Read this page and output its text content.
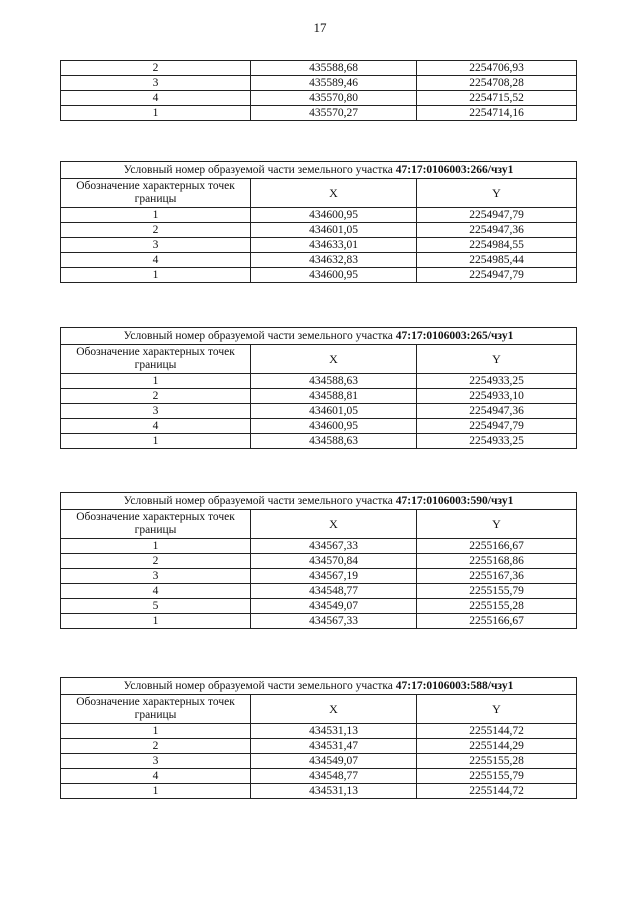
17
2	435588,68	2254706,93
3	435589,46	2254708,28
4	435570,80	2254715,52
1	435570,27	2254714,16
Условный номер образуемой части земельного участка 47:17:0106003:266/чзу1		
Обозначение характерных точек границы	X	Y
1	434600,95	2254947,79
2	434601,05	2254947,36
3	434633,01	2254984,55
4	434632,83	2254985,44
1	434600,95	2254947,79
Условный номер образуемой части земельного участка 47:17:0106003:265/чзу1		
Обозначение характерных точек границы	X	Y
1	434588,63	2254933,25
2	434588,81	2254933,10
3	434601,05	2254947,36
4	434600,95	2254947,79
1	434588,63	2254933,25
Условный номер образуемой части земельного участка 47:17:0106003:590/чзу1		
Обозначение характерных точек границы	X	Y
1	434567,33	2255166,67
2	434570,84	2255168,86
3	434567,19	2255167,36
4	434548,77	2255155,79
5	434549,07	2255155,28
1	434567,33	2255166,67
Условный номер образуемой части земельного участка 47:17:0106003:588/чзу1		
Обозначение характерных точек границы	X	Y
1	434531,13	2255144,72
2	434531,47	2255144,29
3	434549,07	2255155,28
4	434548,77	2255155,79
1	434531,13	2255144,72
